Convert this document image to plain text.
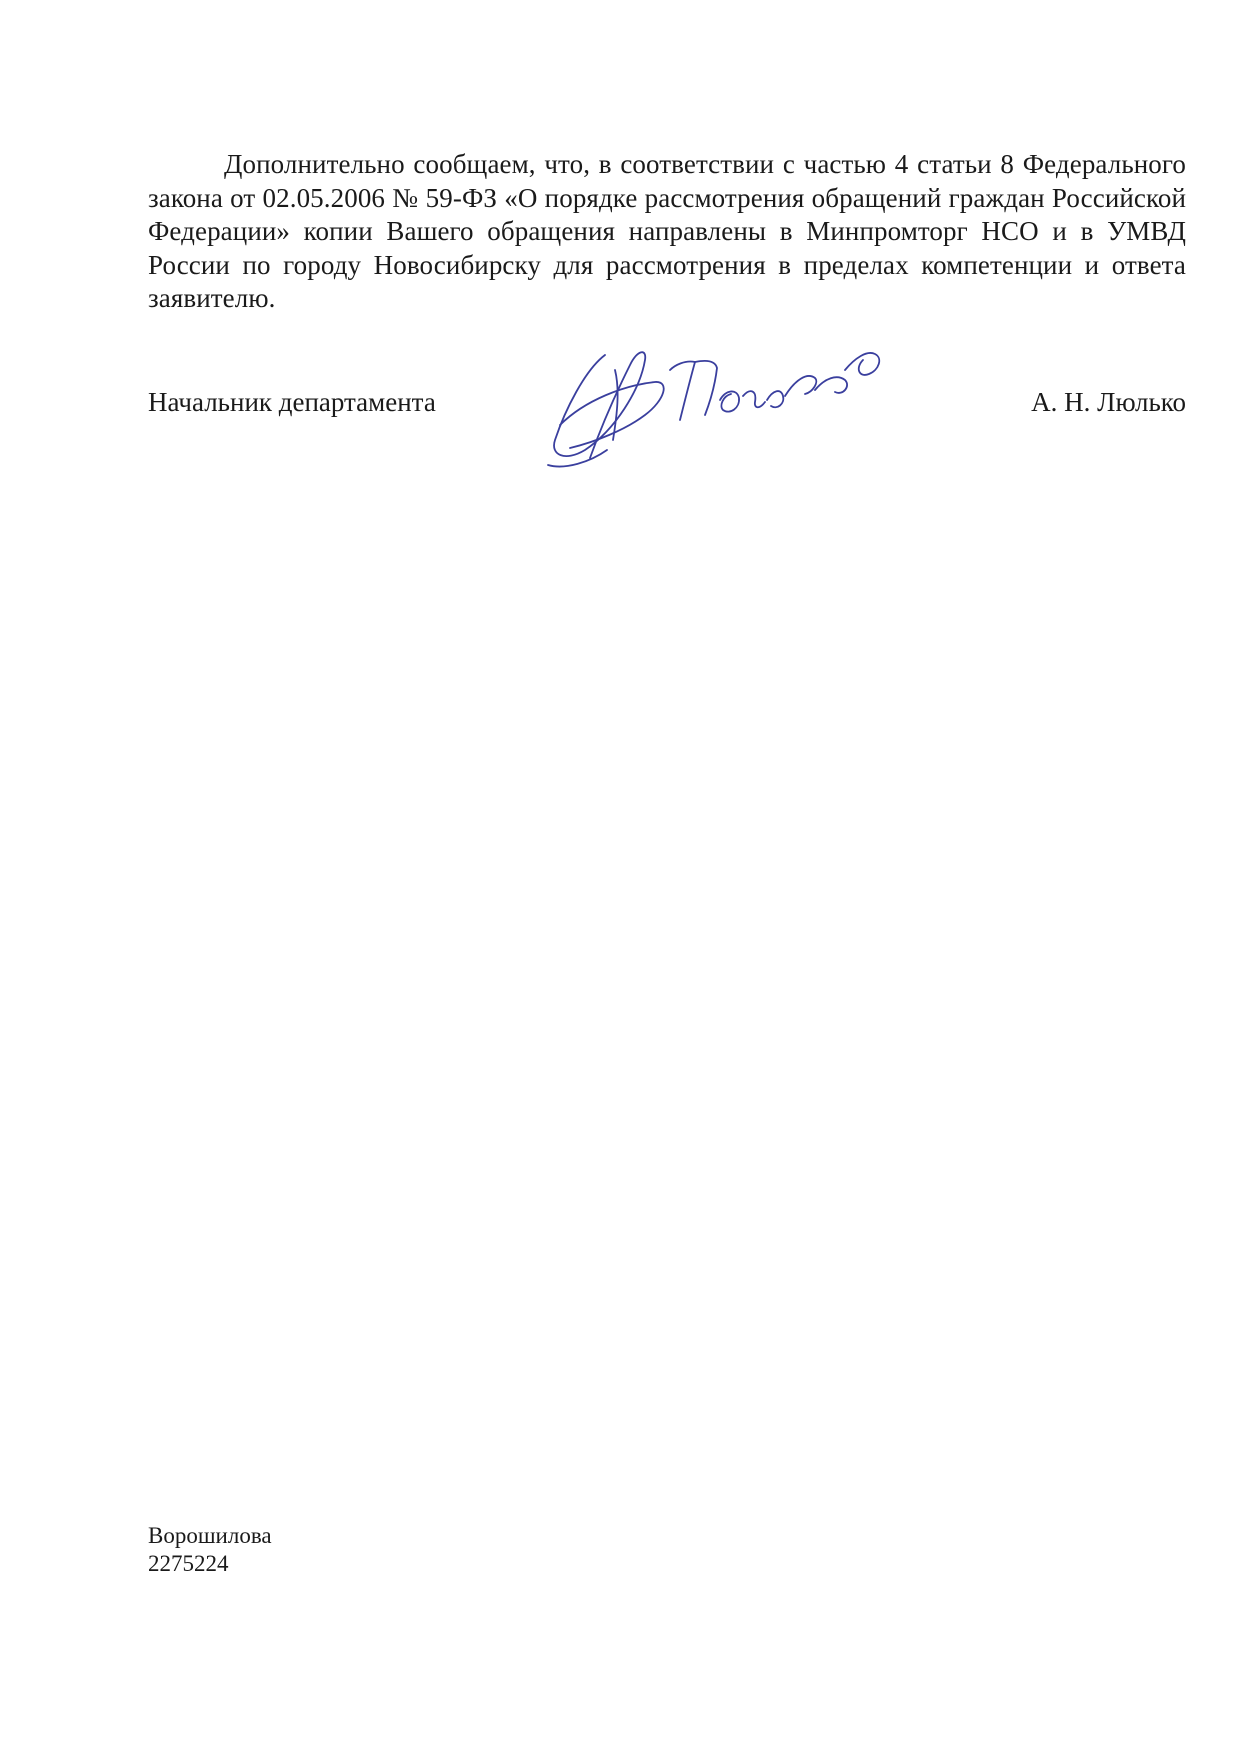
Дополнительно сообщаем, что, в соответствии с частью 4 статьи 8 Федерального закона от 02.05.2006 № 59-ФЗ «О порядке рассмотрения обращений граждан Российской Федерации» копии Вашего обращения направлены в Минпромторг НСО и в УМВД России по городу Новосибирску для рассмотрения в пределах компетенции и ответа заявителю.

Начальник департамента	А. Н. Люлько
Ворошилова
2275224
